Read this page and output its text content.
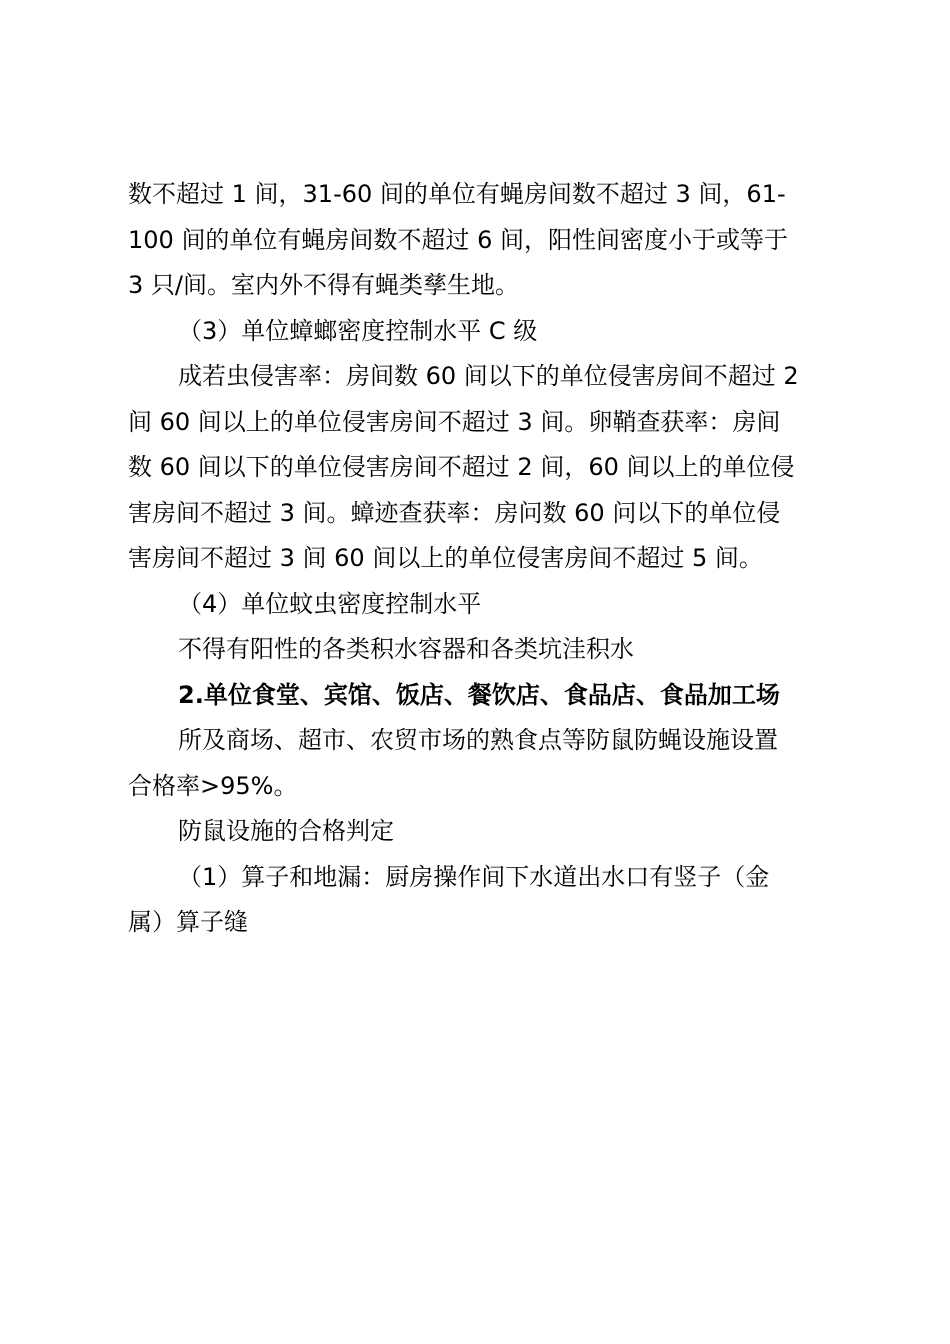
数不超过 1 间，31-60 间的单位有蝇房间数不超过 3 间，61-
100 间的单位有蝇房间数不超过 6 间，阳性间密度小于或等于
3 只/间。室内外不得有蝇类孳生地。
（3）单位蟑螂密度控制水平 C 级
成若虫侵害率：房间数 60 间以下的单位侵害房间不超过 2
间 60 间以上的单位侵害房间不超过 3 间。卵鞘查获率：房间
数 60 间以下的单位侵害房间不超过 2 间，60 间以上的单位侵
害房间不超过 3 间。蟑迹查获率：房问数 60 问以下的单位侵
害房间不超过 3 间 60 间以上的单位侵害房间不超过 5 间。
（4）单位蚊虫密度控制水平
不得有阳性的各类积水容器和各类坑洼积水
2.单位食堂、宾馆、饭店、餐饮店、食品店、食品加工场
所及商场、超市、农贸市场的熟食点等防鼠防蝇设施设置
合格率>95%。
防鼠设施的合格判定
（1）算子和地漏：厨房操作间下水道出水口有竖子（金
属）算子缝
